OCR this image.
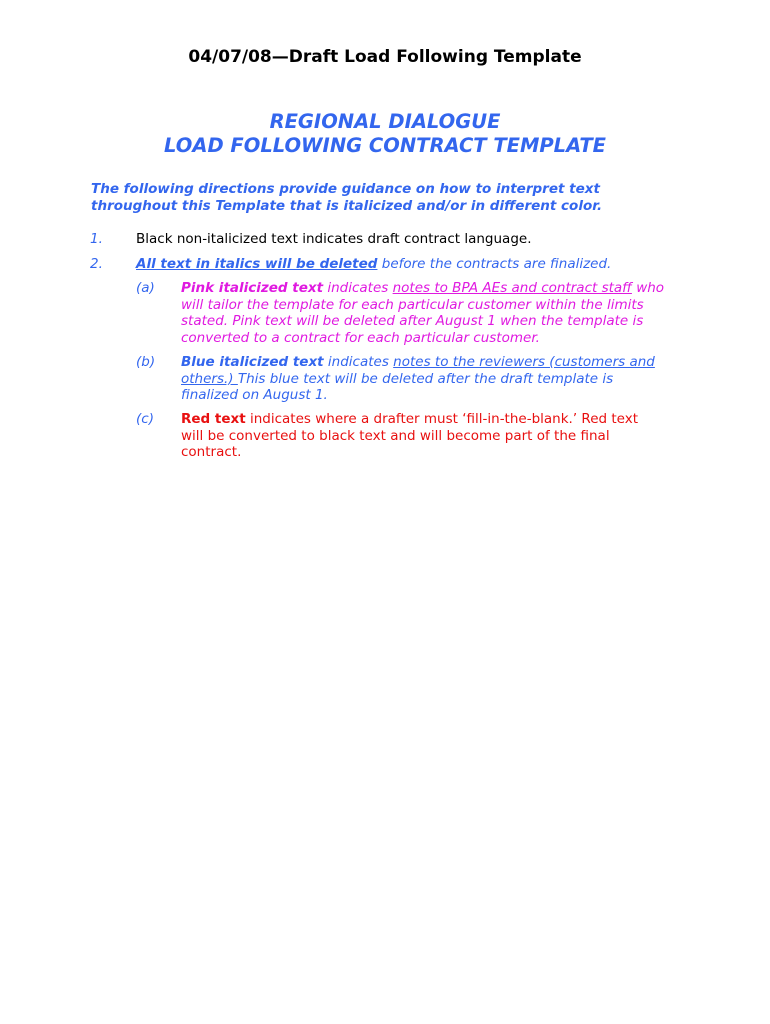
04/07/08—Draft Load Following Template
REGIONAL DIALOGUE
LOAD FOLLOWING CONTRACT TEMPLATE
The following directions provide guidance on how to interpret text
throughout this Template that is italicized and/or in different color.
1. Black non-italicized text indicates draft contract language.
2. All text in italics will be deleted before the contracts are finalized.
(a) Pink italicized text indicates notes to BPA AEs and contract staff who
will tailor the template for each particular customer within the limits
stated. Pink text will be deleted after August 1 when the template is
converted to a contract for each particular customer.
(b) Blue italicized text indicates notes to the reviewers (customers and
others.) This blue text will be deleted after the draft template is
finalized on August 1.
(c) Red text indicates where a drafter must ‘fill-in-the-blank.’ Red text
will be converted to black text and will become part of the final
contract.
